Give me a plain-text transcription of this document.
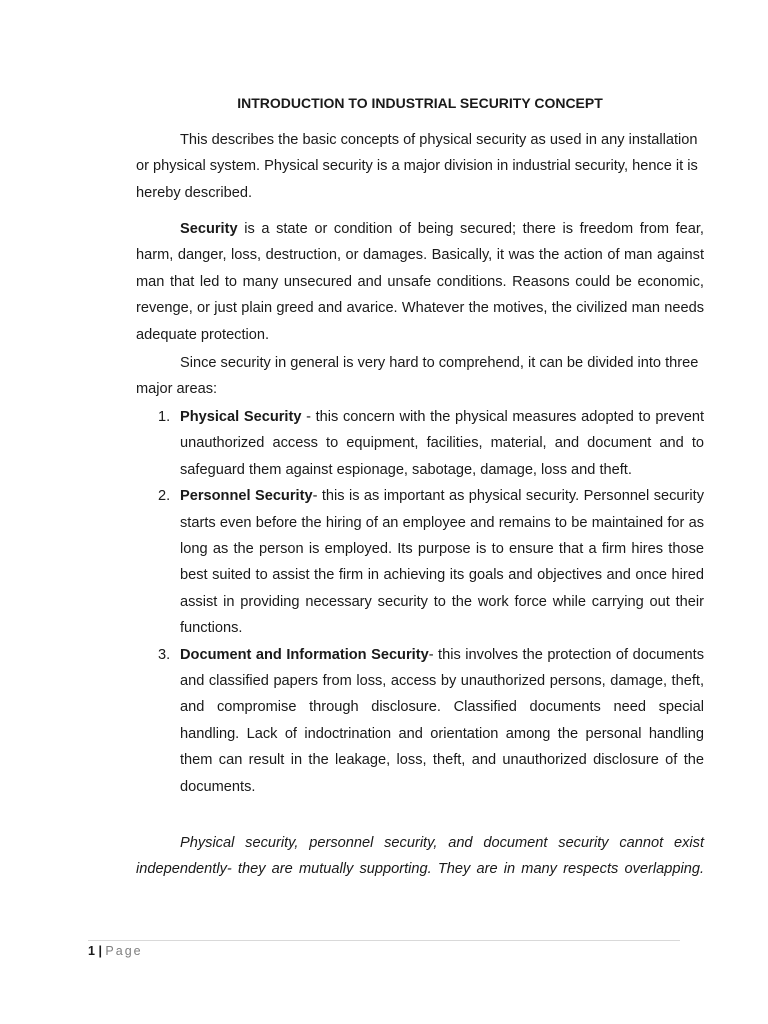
INTRODUCTION TO INDUSTRIAL SECURITY CONCEPT
This describes the basic concepts of physical security as used in any installation or physical system. Physical security is a major division in industrial security, hence it is hereby described.
Security is a state or condition of being secured; there is freedom from fear, harm, danger, loss, destruction, or damages. Basically, it was the action of man against man that led to many unsecured and unsafe conditions. Reasons could be economic, revenge, or just plain greed and avarice. Whatever the motives, the civilized man needs adequate protection.
Since security in general is very hard to comprehend, it can be divided into three major areas:
1. Physical Security - this concern with the physical measures adopted to prevent unauthorized access to equipment, facilities, material, and document and to safeguard them against espionage, sabotage, damage, loss and theft.
2. Personnel Security- this is as important as physical security. Personnel security starts even before the hiring of an employee and remains to be maintained for as long as the person is employed. Its purpose is to ensure that a firm hires those best suited to assist the firm in achieving its goals and objectives and once hired assist in providing necessary security to the work force while carrying out their functions.
3. Document and Information Security- this involves the protection of documents and classified papers from loss, access by unauthorized persons, damage, theft, and compromise through disclosure. Classified documents need special handling. Lack of indoctrination and orientation among the personal handling them can result in the leakage, loss, theft, and unauthorized disclosure of the documents.
Physical security, personnel security, and document security cannot exist independently- they are mutually supporting. They are in many respects overlapping.
1 | Page
